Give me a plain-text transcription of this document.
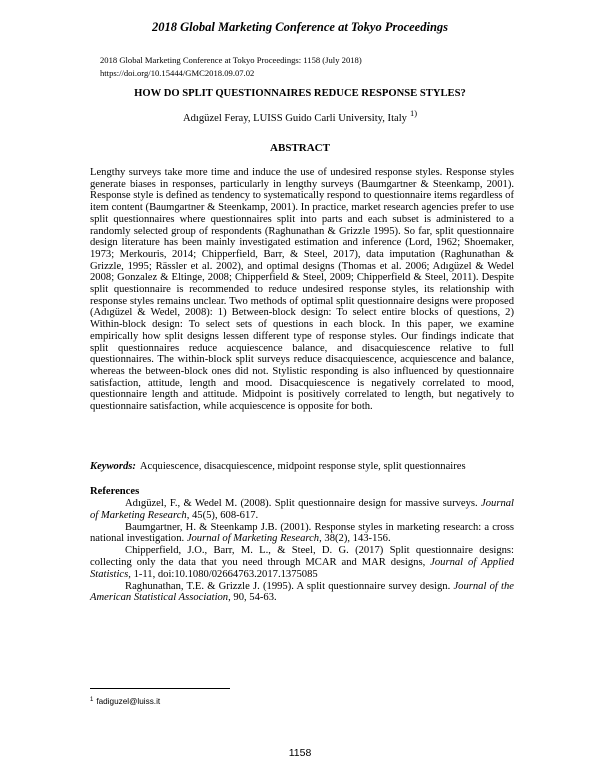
2018 Global Marketing Conference at Tokyo Proceedings
2018 Global Marketing Conference at Tokyo Proceedings: 1158 (July 2018)
https://doi.org/10.15444/GMC2018.09.07.02
HOW DO SPLIT QUESTIONNAIRES REDUCE RESPONSE STYLES?
Adıgüzel Feray, LUISS Guido Carli University, Italy $^{1)}$
ABSTRACT

Lengthy surveys take more time and induce the use of undesired response styles. Response styles generate biases in responses, particularly in lengthy surveys (Baumgartner & Steenkamp, 2001). Response style is defined as tendency to systematically respond to questionnaire items regardless of item content (Baumgartner & Steenkamp, 2001). In practice, market research agencies prefer to use split questionnaires where questionnaires split into parts and each subset is administered to a randomly selected group of respondents (Raghunathan & Grizzle 1995). So far, split questionnaire design literature has been mainly investigated estimation and inference (Lord, 1962; Shoemaker, 1973; Merkouris, 2014; Chipperfield, Barr, & Steel, 2017), data imputation (Raghunathan & Grizzle, 1995; Rässler et al. 2002), and optimal designs (Thomas et al. 2006; Adıgüzel & Wedel 2008; Gonzalez & Eltinge, 2008; Chipperfield & Steel, 2009; Chipperfield & Steel, 2011). Despite split questionnaire is recommended to reduce undesired response styles, its relationship with response styles remains unclear. Two methods of optimal split questionnaire designs were proposed (Adıgüzel & Wedel, 2008): 1) Between-block design: To select entire blocks of questions, 2) Within-block design: To select sets of questions in each block. In this paper, we examine empirically how split designs lessen different type of response styles. Our findings indicate that split questionnaires reduce acquiescence balance, and disacquiescence relative to full questionnaires. The within-block split surveys reduce disacquiescence, acquiescence and balance, whereas the between-block ones did not. Stylistic responding is also influenced by questionnaire satisfaction, attitude, length and mood. Disacquiescence is negatively correlated to mood, questionnaire length and attitude. Midpoint is positively correlated to length, but negatively to questionnaire satisfaction, while acquiescence is opposite for both.

Keywords: Acquiescence, disacquiescence, midpoint response style, split questionnaires

References

Adıgüzel, F., & Wedel M. (2008). Split questionnaire design for massive surveys. Journal of Marketing Research, 45(5), 608-617.

Baumgartner, H. & Steenkamp J.B. (2001). Response styles in marketing research: a cross national investigation. Journal of Marketing Research, 38(2), 143-156.

Chipperfield, J.O., Barr, M. L., & Steel, D. G. (2017) Split questionnaire designs: collecting only the data that you need through MCAR and MAR designs, Journal of Applied Statistics, 1-11, doi:10.1080/02664763.2017.1375085

Raghunathan, T.E. & Grizzle J. (1995). A split questionnaire survey design. Journal of the American Statistical Association, 90, 54-63.

$^1$ fadiguzel@luiss.it
1158
